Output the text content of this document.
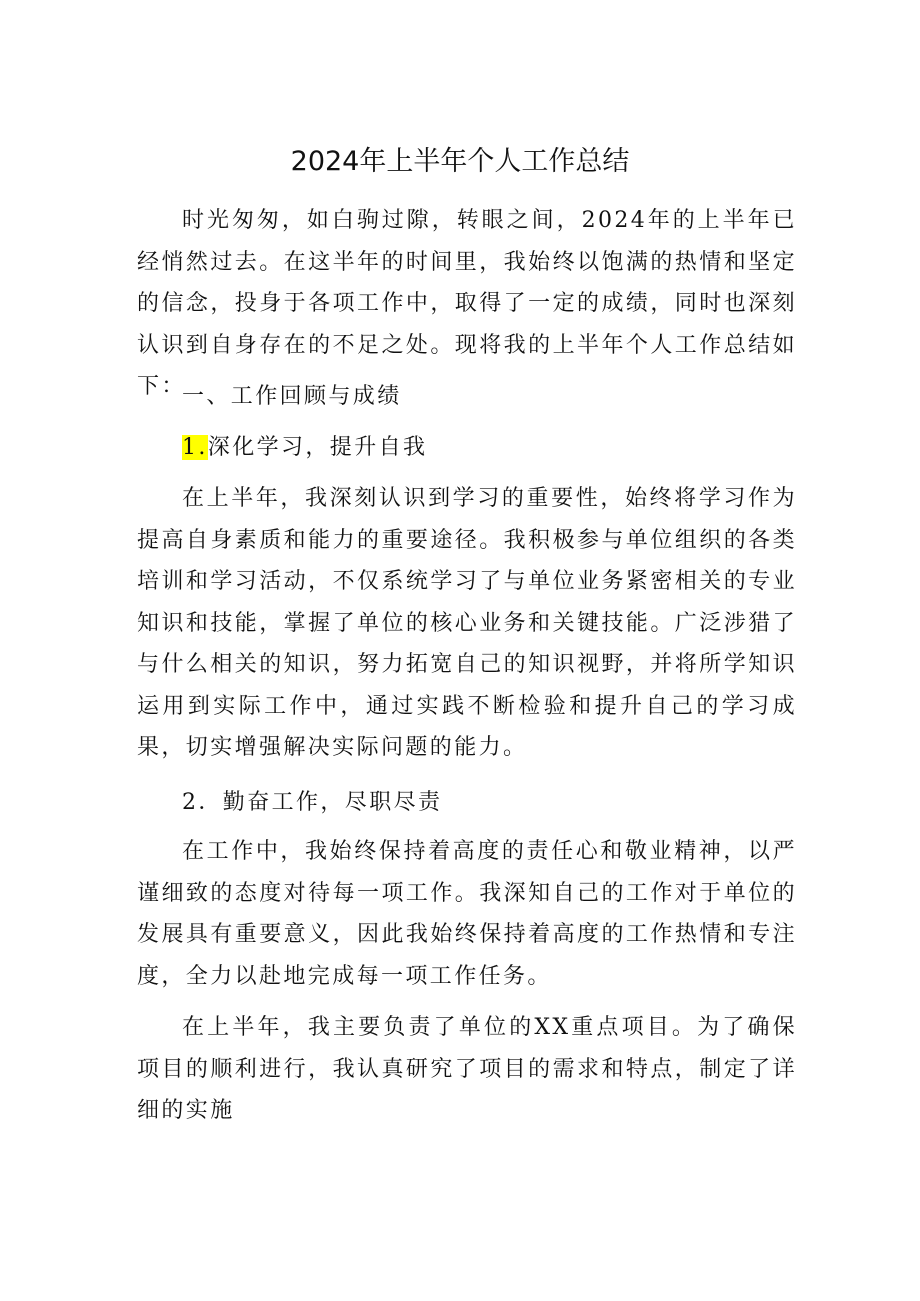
2024年上半年个人工作总结

时光匆匆，如白驹过隙，转眼之间，2024年的上半年已经悄然过去。在这半年的时间里，我始终以饱满的热情和坚定的信念，投身于各项工作中，取得了一定的成绩，同时也深刻认识到自身存在的不足之处。现将我的上半年个人工作总结如下：

一、工作回顾与成绩

1.深化学习，提升自我

在上半年，我深刻认识到学习的重要性，始终将学习作为提高自身素质和能力的重要途径。我积极参与单位组织的各类培训和学习活动，不仅系统学习了与单位业务紧密相关的专业知识和技能，掌握了单位的核心业务和关键技能。广泛涉猎了与什么相关的知识，努力拓宽自己的知识视野，并将所学知识运用到实际工作中，通过实践不断检验和提升自己的学习成果，切实增强解决实际问题的能力。

2．勤奋工作，尽职尽责

在工作中，我始终保持着高度的责任心和敬业精神，以严谨细致的态度对待每一项工作。我深知自己的工作对于单位的发展具有重要意义，因此我始终保持着高度的工作热情和专注度，全力以赴地完成每一项工作任务。

在上半年，我主要负责了单位的XX重点项目。为了确保项目的顺利进行，我认真研究了项目的需求和特点，制定了详细的实施
